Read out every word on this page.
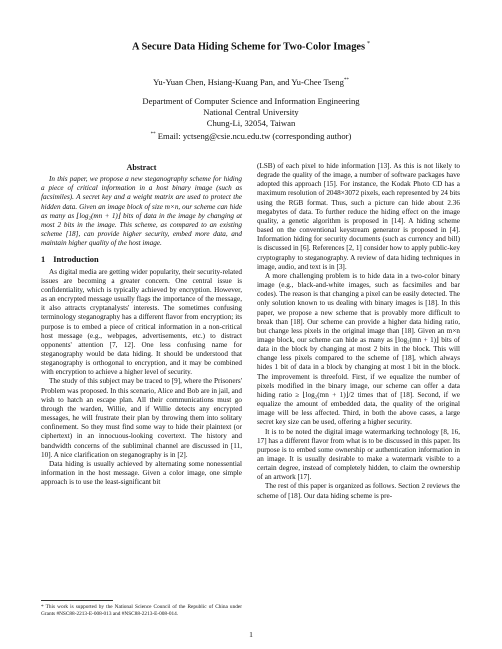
A Secure Data Hiding Scheme for Two-Color Images *
Yu-Yuan Chen, Hsiang-Kuang Pan, and Yu-Chee Tseng**
Department of Computer Science and Information Engineering
National Central University
Chung-Li, 32054, Taiwan
** Email: yctseng@csie.ncu.edu.tw (corresponding author)
Abstract

In this paper, we propose a new steganography scheme for hiding a piece of critical information in a host binary image (such as facsimiles). A secret key and a weight matrix are used to protect the hidden data. Given an image block of size m×n, our scheme can hide as many as ⌊log₂(mn + 1)⌋ bits of data in the image by changing at most 2 bits in the image. This scheme, as compared to an existing scheme [18], can provide higher security, embed more data, and maintain higher quality of the host image.

1 Introduction

As digital media are getting wider popularity, their security-related issues are becoming a greater concern. One central issue is confidentiality, which is typically achieved by encryption. However, as an encrypted message usually flags the importance of the message, it also attracts cryptanalysts' interests. The sometimes confusing terminology steganography has a different flavor from encryption; its purpose is to embed a piece of critical information in a non-critical host message (e.g., webpages, advertisements, etc.) to distract opponents' attention [7, 12]. One less confusing name for steganography would be data hiding. It should be understood that steganography is orthogonal to encryption, and it may be combined with encryption to achieve a higher level of security.

The study of this subject may be traced to [9], where the Prisoners' Problem was proposed. In this scenario, Alice and Bob are in jail, and wish to hatch an escape plan. All their communications must go through the warden, Willie, and if Willie detects any encrypted messages, he will frustrate their plan by throwing them into solitary confinement. So they must find some way to hide their plaintext (or ciphertext) in an innocuous-looking covertext. The history and bandwidth concerns of the subliminal channel are discussed in [11, 10]. A nice clarification on steganography is in [2].

Data hiding is usually achieved by alternating some nonessential information in the host message. Given a color image, one simple approach is to use the least-significant bit

* This work is supported by the National Science Council of the Republic of China under Grants #NSC88-2213-E-008-013 and #NSC88-2213-E-008-014.

(LSB) of each pixel to hide information [13]. As this is not likely to degrade the quality of the image, a number of software packages have adopted this approach [15]. For instance, the Kodak Photo CD has a maximum resolution of 2048×3072 pixels, each represented by 24 bits using the RGB format. Thus, such a picture can hide about 2.36 megabytes of data. To further reduce the hiding effect on the image quality, a genetic algorithm is proposed in [14]. A hiding scheme based on the conventional keystream generator is proposed in [4]. Information hiding for security documents (such as currency and bill) is discussed in [6]. References [2, 1] consider how to apply public-key cryptography to steganography. A review of data hiding techniques in image, audio, and text is in [3].

A more challenging problem is to hide data in a two-color binary image (e.g., black-and-white images, such as facsimiles and bar codes). The reason is that changing a pixel can be easily detected. The only solution known to us dealing with binary images is [18]. In this paper, we propose a new scheme that is provably more difficult to break than [18]. Our scheme can provide a higher data hiding ratio, but change less pixels in the original image than [18]. Given an m×n image block, our scheme can hide as many as ⌊log₂(mn + 1)⌋ bits of data in the block by changing at most 2 bits in the block. This will change less pixels compared to the scheme of [18], which always hides 1 bit of data in a block by changing at most 1 bit in the block. The improvement is threefold. First, if we equalize the number of pixels modified in the binary image, our scheme can offer a data hiding ratio ≥ ⌊log₂(mn + 1)⌋/2 times that of [18]. Second, if we equalize the amount of embedded data, the quality of the original image will be less affected. Third, in both the above cases, a large secret key size can be used, offering a higher security.

It is to be noted the digital image watermarking technology [8, 16, 17] has a different flavor from what is to be discussed in this paper. Its purpose is to embed some ownership or authentication information in an image. It is usually desirable to make a watermark visible to a certain degree, instead of completely hidden, to claim the ownership of an artwork [17].

The rest of this paper is organized as follows. Section 2 reviews the scheme of [18]. Our data hiding scheme is pre-

1
